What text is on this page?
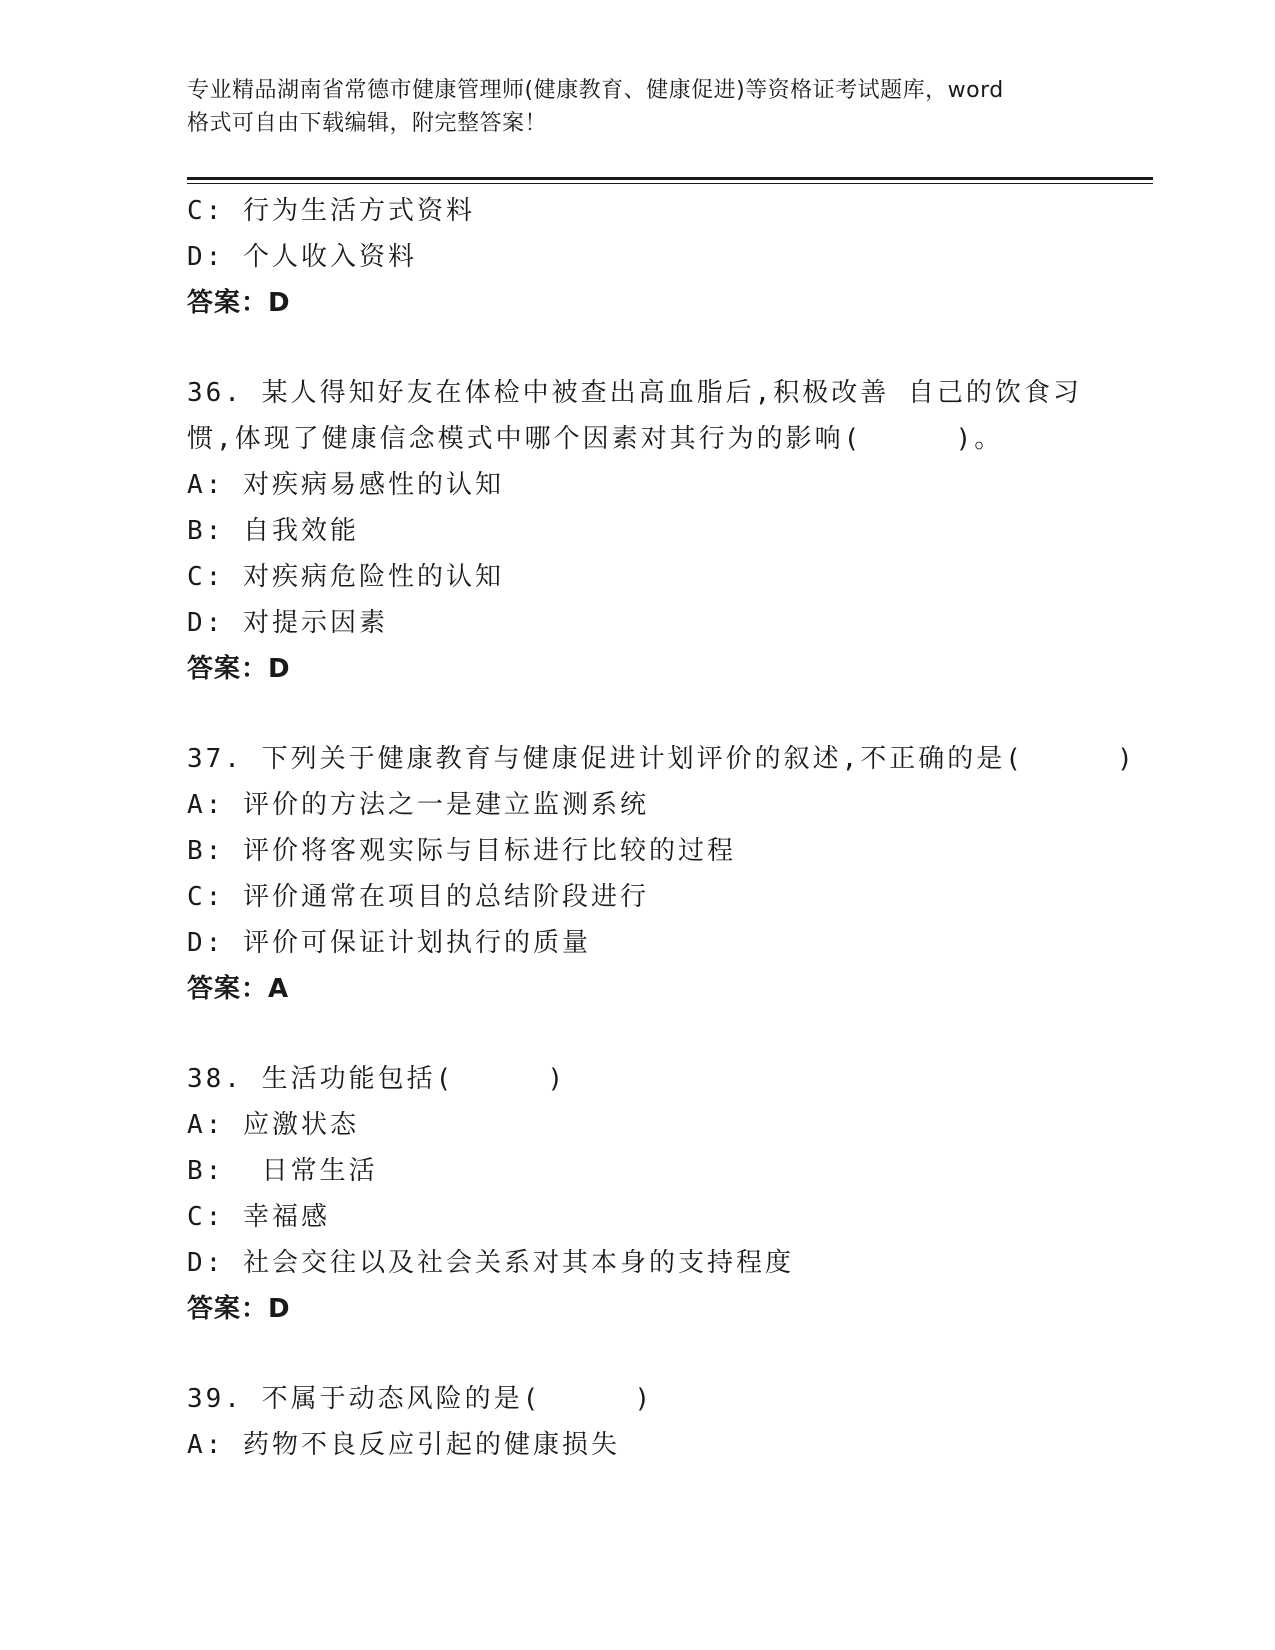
专业精品湖南省常德市健康管理师(健康教育、健康促进)等资格证考试题库，word
格式可自由下载编辑，附完整答案！
C: 行为生活方式资料
D: 个人收入资料
答案：D
36. 某人得知好友在体检中被查出高血脂后,积极改善 自己的饮食习
惯,体现了健康信念模式中哪个因素对其行为的影响(     )。
A: 对疾病易感性的认知
B: 自我效能
C: 对疾病危险性的认知
D: 对提示因素
答案：D
37. 下列关于健康教育与健康促进计划评价的叙述,不正确的是(     )
A: 评价的方法之一是建立监测系统
B: 评价将客观实际与目标进行比较的过程
C: 评价通常在项目的总结阶段进行
D: 评价可保证计划执行的质量
答案：A
38. 生活功能包括(     )
A: 应激状态
B:  日常生活
C: 幸福感
D: 社会交往以及社会关系对其本身的支持程度
答案：D
39. 不属于动态风险的是(     )
A: 药物不良反应引起的健康损失
